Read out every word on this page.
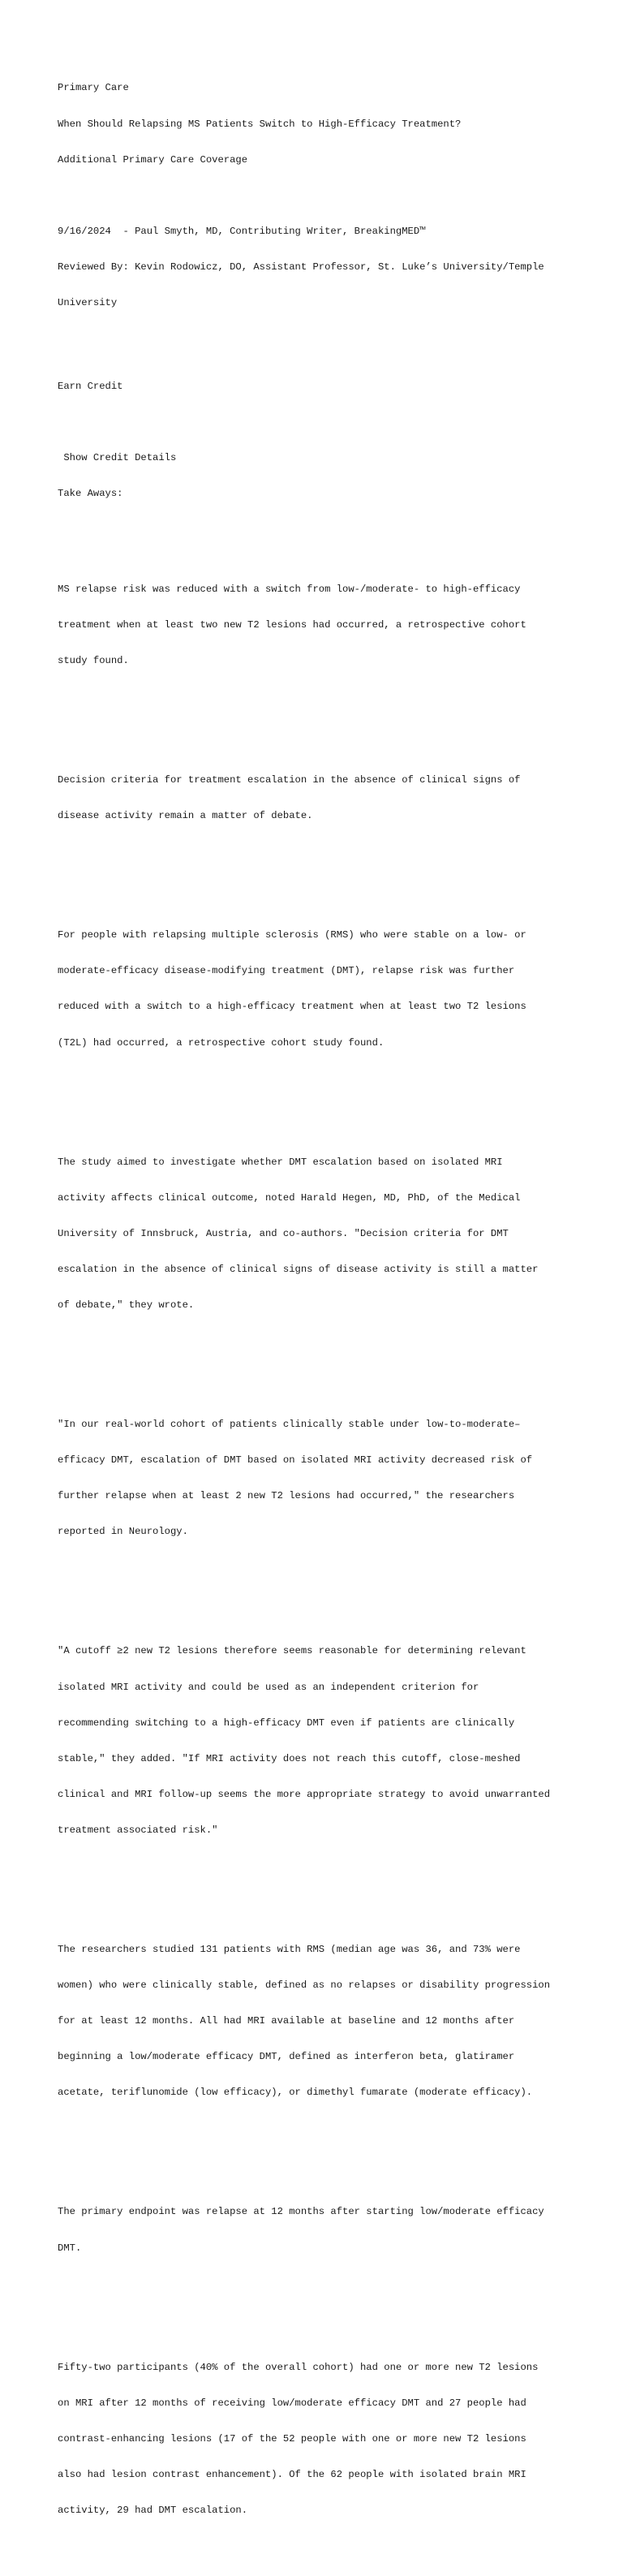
Primary Care

When Should Relapsing MS Patients Switch to High-Efficacy Treatment?

Additional Primary Care Coverage

9/16/2024  - Paul Smyth, MD, Contributing Writer, BreakingMED™

Reviewed By: Kevin Rodowicz, DO, Assistant Professor, St. Luke’s University/Temple

University

Earn Credit

Show Credit Details

Take Aways:

MS relapse risk was reduced with a switch from low-/moderate- to high-efficacy

treatment when at least two new T2 lesions had occurred, a retrospective cohort

study found.

Decision criteria for treatment escalation in the absence of clinical signs of

disease activity remain a matter of debate.

For people with relapsing multiple sclerosis (RMS) who were stable on a low- or

moderate-efficacy disease-modifying treatment (DMT), relapse risk was further

reduced with a switch to a high-efficacy treatment when at least two T2 lesions

(T2L) had occurred, a retrospective cohort study found.

The study aimed to investigate whether DMT escalation based on isolated MRI

activity affects clinical outcome, noted Harald Hegen, MD, PhD, of the Medical

University of Innsbruck, Austria, and co-authors. "Decision criteria for DMT

escalation in the absence of clinical signs of disease activity is still a matter

of debate," they wrote.

"In our real-world cohort of patients clinically stable under low-to-moderate–

efficacy DMT, escalation of DMT based on isolated MRI activity decreased risk of

further relapse when at least 2 new T2 lesions had occurred," the researchers

reported in Neurology.

"A cutoff ≥2 new T2 lesions therefore seems reasonable for determining relevant

isolated MRI activity and could be used as an independent criterion for

recommending switching to a high-efficacy DMT even if patients are clinically

stable," they added. "If MRI activity does not reach this cutoff, close-meshed

clinical and MRI follow-up seems the more appropriate strategy to avoid unwarranted

treatment associated risk."

The researchers studied 131 patients with RMS (median age was 36, and 73% were

women) who were clinically stable, defined as no relapses or disability progression

for at least 12 months. All had MRI available at baseline and 12 months after

beginning a low/moderate efficacy DMT, defined as interferon beta, glatiramer

acetate, teriflunomide (low efficacy), or dimethyl fumarate (moderate efficacy).

The primary endpoint was relapse at 12 months after starting low/moderate efficacy

DMT.

Fifty-two participants (40% of the overall cohort) had one or more new T2 lesions

on MRI after 12 months of receiving low/moderate efficacy DMT and 27 people had

contrast-enhancing lesions (17 of the 52 people with one or more new T2 lesions

also had lesion contrast enhancement). Of the 62 people with isolated brain MRI

activity, 29 had DMT escalation.
